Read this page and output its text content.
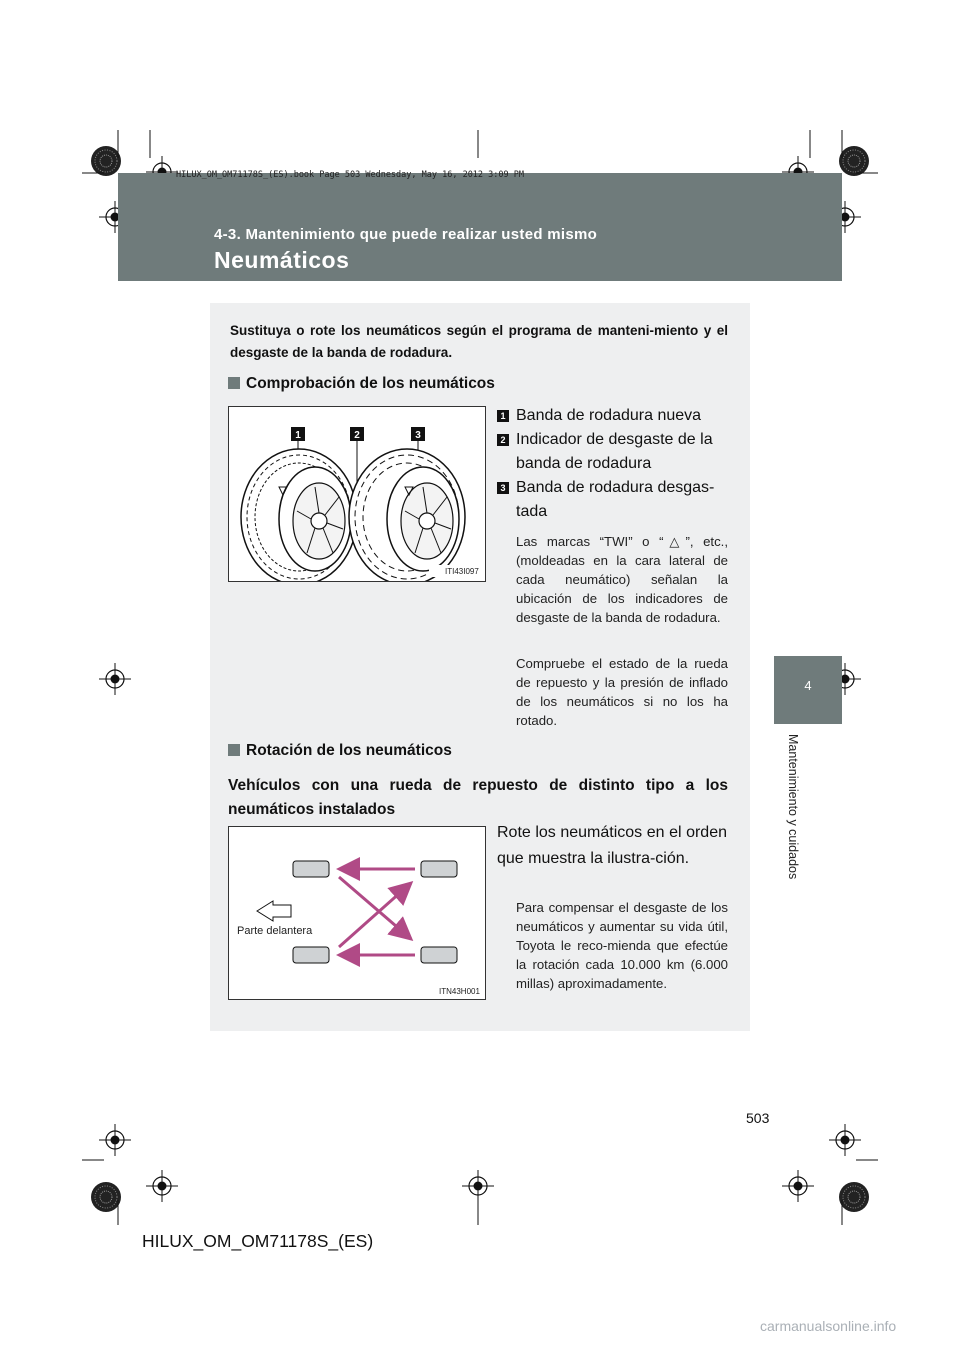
HILUX_OM_OM71178S_(ES).book Page 503 Wednesday, May 16, 2012 3:09 PM
4-3. Mantenimiento que puede realizar usted mismo
Neumáticos
4
Mantenimiento y cuidados
Sustituya o rote los neumáticos según el programa de manteni-miento y el desgaste de la banda de rodadura.
Comprobación de los neumáticos
1	2	3
ITI43I097
1 Banda de rodadura nueva
2 Indicador de desgaste de la
banda de rodadura
3 Banda de rodadura desgas-
tada
Las marcas “TWI” o “△”, etc., (moldeadas en la cara lateral de cada neumático) señalan la ubicación de los indicadores de desgaste de la banda de rodadura.
Compruebe el estado de la rueda de repuesto y la presión de inflado de los neumáticos si no los ha rotado.
Rotación de los neumáticos
Vehículos con una rueda de repuesto de distinto tipo a los neumáticos instalados
Parte delantera
ITN43H001
Rote los neumáticos en el orden que muestra la ilustra-ción.
Para compensar el desgaste de los neumáticos y aumentar su vida útil, Toyota le reco-mienda que efectúe la rotación cada 10.000 km (6.000 millas) aproximadamente.
503
HILUX_OM_OM71178S_(ES)
carmanualsonline.info
